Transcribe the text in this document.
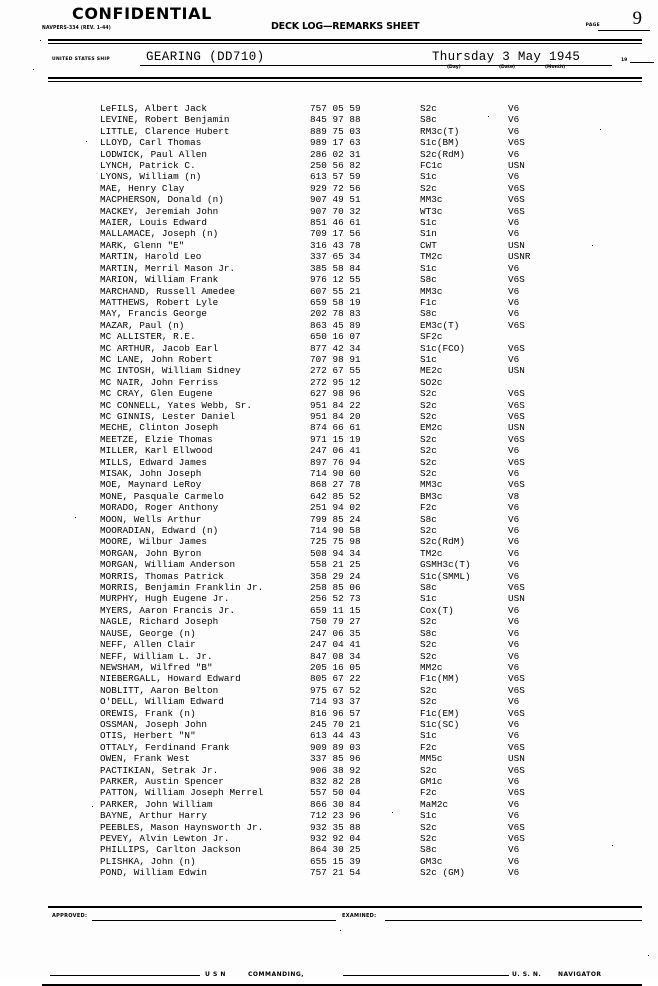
CONFIDENTIAL
NAVPERS-334 (REV. 1-44)	DECK LOG—REMARKS SHEET	PAGE 9
UNITED STATES SHIP	GEARING (DD710)	Thursday 3 May 1945
(Day)	(Date)	(Month)
19
LeFILS, Albert Jack	757 05 59	S2c	V6
LEVINE, Robert Benjamin	845 97 88	S8c	V6
LITTLE, Clarence Hubert	889 75 03	RM3c(T)	V6
LLOYD, Carl Thomas	989 17 63	S1c(BM)	V6S
LODWICK, Paul Allen	286 02 31	S2c(RdM)	V6
LYNCH, Patrick C.	250 56 82	FC1c	USN
LYONS, William (n)	613 57 59	S1c	V6
MAE, Henry Clay	929 72 56	S2c	V6S
MACPHERSON, Donald (n)	907 49 51	MM3c	V6S
MACKEY, Jeremiah John	907 70 32	WT3c	V6S
MAIER, Louis Edward	851 46 61	S1c	V6
MALLAMACE, Joseph (n)	709 17 56	S1n	V6
MARK, Glenn "E"	316 43 78	CWT	USN
MARTIN, Harold Leo	337 65 34	TM2c	USNR
MARTIN, Merril Mason Jr.	385 58 84	S1c	V6
MARION, William Frank	976 12 55	S8c	V6S
MARCHAND, Russell Amedee	607 55 21	MM3c	V6
MATTHEWS, Robert Lyle	659 58 19	F1c	V6
MAY, Francis George	202 78 83	S8c	V6
MAZAR, Paul (n)	863 45 89	EM3c(T)	V6S
MC ALLISTER, R.E.	650 16 07	SF2c
MC ARTHUR, Jacob Earl	877 42 34	S1c(FCO)	V6S
MC LANE, John Robert	707 98 91	S1c	V6
MC INTOSH, William Sidney	272 67 55	ME2c	USN
MC NAIR, John Ferriss	272 95 12	SO2c
MC CRAY, Glen Eugene	627 98 96	S2c	V6S
MC CONNELL, Yates Webb, Sr.	951 84 22	S2c	V6S
MC GINNIS, Lester Daniel	951 84 20	S2c	V6S
MECHE, Clinton Joseph	874 66 61	EM2c	USN
MEETZE, Elzie Thomas	971 15 19	S2c	V6S
MILLER, Karl Ellwood	247 06 41	S2c	V6
MILLS, Edward James	897 76 94	S2c	V6S
MISAK, John Joseph	714 90 60	S2c	V6
MOE, Maynard LeRoy	868 27 78	MM3c	V6S
MONE, Pasquale Carmelo	642 85 52	BM3c	V8
MORADO, Roger Anthony	251 94 02	F2c	V6
MOON, Wells Arthur	799 85 24	S8c	V6
MOORADIAN, Edward (n)	714 90 58	S2c	V6
MOORE, Wilbur James	725 75 98	S2c(RdM)	V6
MORGAN, John Byron	508 94 34	TM2c	V6
MORGAN, William Anderson	558 21 25	GSMH3c(T)	V6
MORRIS, Thomas Patrick	358 29 24	S1c(SMML)	V6
MORRIS, Benjamin Franklin Jr.	258 85 06	S8c	V6S
MURPHY, Hugh Eugene Jr.	256 52 73	S1c	USN
MYERS, Aaron Francis Jr.	659 11 15	Cox(T)	V6
NAGLE, Richard Joseph	750 79 27	S2c	V6
NAUSE, George (n)	247 06 35	S8c	V6
NEFF, Allen Clair	247 04 41	S2c	V6
NEFF, William L. Jr.	847 08 34	S2c	V6
NEWSHAM, Wilfred "B"	205 16 05	MM2c	V6
NIEBERGALL, Howard Edward	805 67 22	F1c(MM)	V6S
NOBLITT, Aaron Belton	975 67 52	S2c	V6S
O'DELL, William Edward	714 93 37	S2c	V6
OREWIS, Frank (n)	816 96 57	F1c(EM)	V6S
OSSMAN, Joseph John	245 70 21	S1c(SC)	V6
OTIS, Herbert "N"	613 44 43	S1c	V6
OTTALY, Ferdinand Frank	909 89 03	F2c	V6S
OWEN, Frank West	337 85 96	MM5c	USN
PACTIKIAN, Setrak Jr.	906 38 92	S2c	V6S
PARKER, Austin Spencer	832 82 28	GM1c	V6
PATTON, William Joseph Merrel	557 50 04	F2c	V6S
PARKER, John William	866 30 84	MaM2c	V6
BAYNE, Arthur Harry	712 23 96	S1c	V6
PEEBLES, Mason Haynsworth Jr.	932 35 88	S2c	V6S
PEVEY, Alvin Lewton Jr.	932 92 04	S2c	V6S
PHILLIPS, Carlton Jackson	864 30 25	S8c	V6
PLISHKA, John (n)	655 15 39	GM3c	V6
POND, William Edwin	757 21 54	S2c (GM)	V6
APPROVED:	EXAMINED:
U S N	COMMANDING,	U. S. N.	NAVIGATOR
